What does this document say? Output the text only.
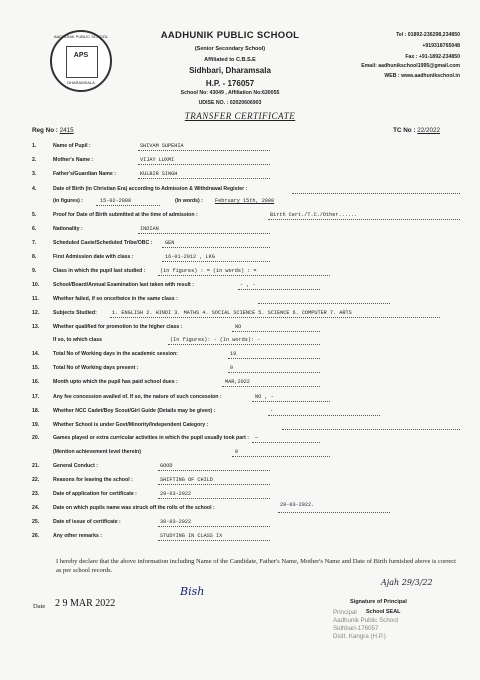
AADHUNIK PUBLIC SCHOOL
APS
DHARAMSALA
AADHUNIK PUBLIC SCHOOL
(Senior Secondary School)
Affiliated to C.B.S.E
Sidhbari, Dharamsala
H.P. - 176057
School No: 43049 , Affiliation No:630055
UDISE NO. : 02020606903
Tel : 01892-236298,234850
+919318765048
Fax : +91-1892-234850
Email: aadhunikschool1995@gmail.com
WEB : www.aadhunikschool.in
TRANSFER CERTIFICATE
Reg No : 2415	TC No : 22/2022
1.	Name of Pupil :	SHIVAM SUPEHIA
2.	Mother's Name :	VIJAY LUXMI
3.	Father's/Guardian Name :	KULBIR SINGH
4.	Date of Birth (in Christian Era) according to Admission & Withdrawal Register :
(in figures) :	15-02-2008	(In words) : February 15th, 2008
5.	Proof for Date of Birth submitted at the time of admission :	Birth Cert./T.C./Other......
6.	Nationality :	INDIAN
7.	Scheduled Caste/Scheduled Tribe/OBC : GEN
8.	First Admission date with class :	16-01-2012 , LKG
9.	Class in which the pupil last studied :	(in figures) : = (in words) : =
10.	School/Board/Annual Examination last taken with result :	- , -
11.	Whether failed, if so once/twice in the same class :
12.	Subjects Studied:	1. ENGLISH 2. HINDI 3. MATHS 4. SOCIAL SCIENCE 5. SCIENCE 6. COMPUTER 7. ARTS
13.	Whether qualified for promotion to the higher class :	NO
If so, to which class	(In figures): - (In words): -
14.	Total No of Working days in the academic session:	19
15.	Total No of Working days present :	0
16.	Month upto which the pupil has paid school dues :	MAR,2022
17.	Any fee concession availed of. If so, the nature of such concession :	NO , -
18.	Whether NCC Cadet/Boy Scout/Girl Guide (Details may be given) :	-
19.	Whether School is under Govt/Minority/Independent Category :
20.	Games played or extra curricular activities in which the pupil usually took part : —
(Mention achievement level therein)	0
21.	General Conduct :	GOOD
22.	Reasons for leaving the school :	SHIFTING OF CHILD
23.	Date of application for certificate :	29-03-2022
24.	Date on which pupils name was struck off the rolls of the school :	29-03-2022.
25.	Date of issue of certificate :	30-03-2022
26.	Any other remarks :	STUDYING IN CLASS IX
I hereby declare that the above information including Name of the Candidate, Father's Name, Mother's Name and Date of Birth furnished above is correct as per school records.
Date 2 9 MAR 2022
Bish
Ajah 29/3/22
Signature of Principal
Principal
Aadhunik Public School
Sidhbari-176057
Distt. Kangra (H.P.)
School SEAL
